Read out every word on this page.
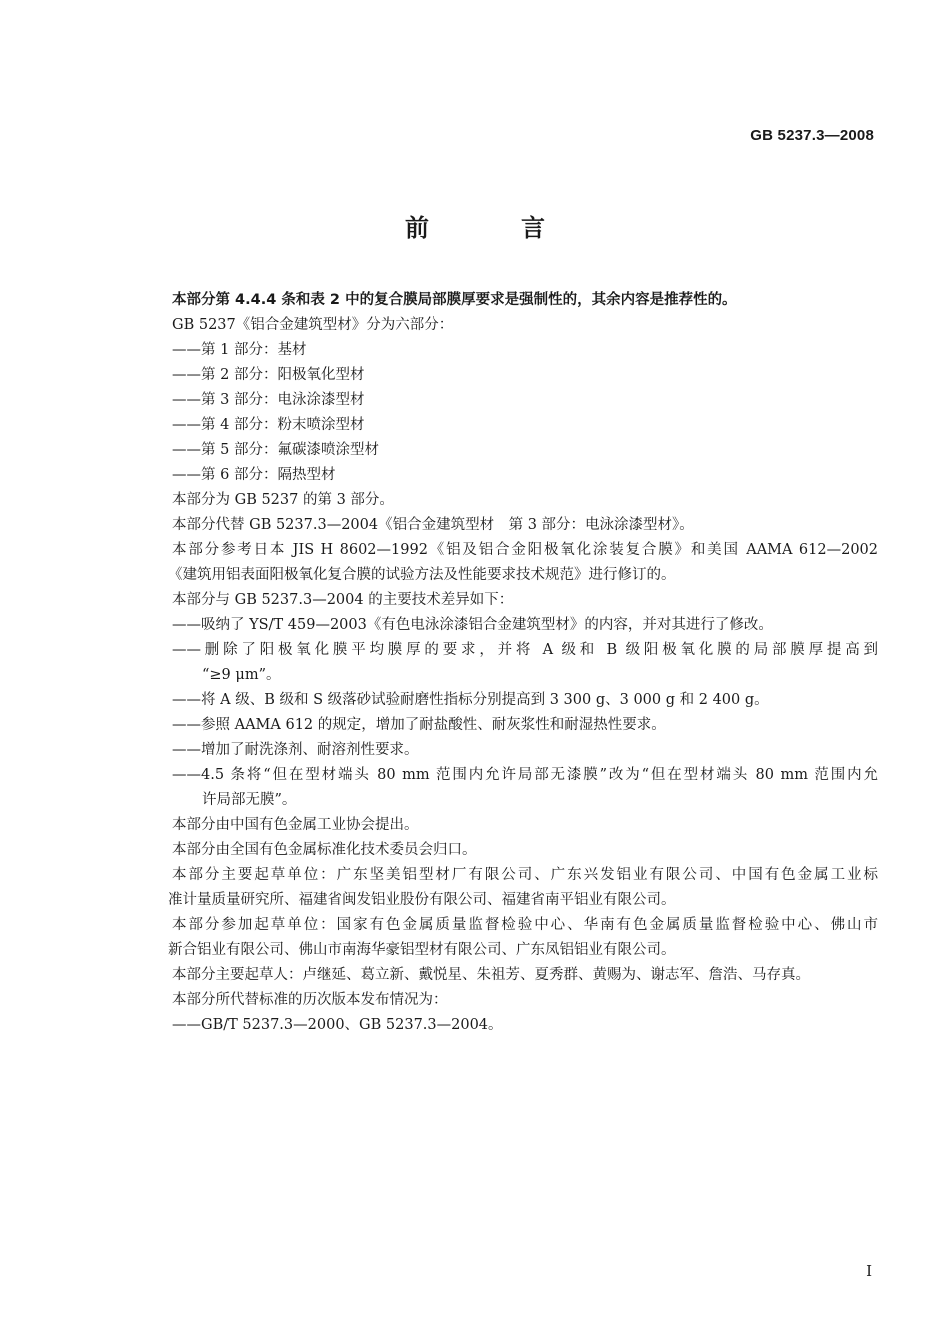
GB 5237.3—2008
前　言

本部分第 4.4.4 条和表 2 中的复合膜局部膜厚要求是强制性的，其余内容是推荐性的。

GB 5237《铝合金建筑型材》分为六部分：

——第 1 部分：基材

——第 2 部分：阳极氧化型材

——第 3 部分：电泳涂漆型材

——第 4 部分：粉末喷涂型材

——第 5 部分：氟碳漆喷涂型材

——第 6 部分：隔热型材

本部分为 GB 5237 的第 3 部分。

本部分代替 GB 5237.3—2004《铝合金建筑型材　第 3 部分：电泳涂漆型材》。

本部分参考日本 JIS H 8602—1992《铝及铝合金阳极氧化涂装复合膜》和美国 AAMA 612—2002

《建筑用铝表面阳极氧化复合膜的试验方法及性能要求技术规范》进行修订的。

本部分与 GB 5237.3—2004 的主要技术差异如下：

——吸纳了 YS/T 459—2003《有色电泳涂漆铝合金建筑型材》的内容，并对其进行了修改。

——删除了阳极氧化膜平均膜厚的要求，并将 A 级和 B 级阳极氧化膜的局部膜厚提高到

“≥9 μm”。

——将 A 级、B 级和 S 级落砂试验耐磨性指标分别提高到 3 300 g、3 000 g 和 2 400 g。

——参照 AAMA 612 的规定，增加了耐盐酸性、耐灰浆性和耐湿热性要求。

——增加了耐洗涤剂、耐溶剂性要求。

——4.5 条将“但在型材端头 80 mm 范围内允许局部无漆膜”改为“但在型材端头 80 mm 范围内允

许局部无膜”。

本部分由中国有色金属工业协会提出。

本部分由全国有色金属标准化技术委员会归口。

本部分主要起草单位：广东坚美铝型材厂有限公司、广东兴发铝业有限公司、中国有色金属工业标

准计量质量研究所、福建省闽发铝业股份有限公司、福建省南平铝业有限公司。

本部分参加起草单位：国家有色金属质量监督检验中心、华南有色金属质量监督检验中心、佛山市

新合铝业有限公司、佛山市南海华豪铝型材有限公司、广东凤铝铝业有限公司。

本部分主要起草人：卢继延、葛立新、戴悦星、朱祖芳、夏秀群、黄赐为、谢志军、詹浩、马存真。

本部分所代替标准的历次版本发布情况为：

——GB/T 5237.3—2000、GB 5237.3—2004。

I
